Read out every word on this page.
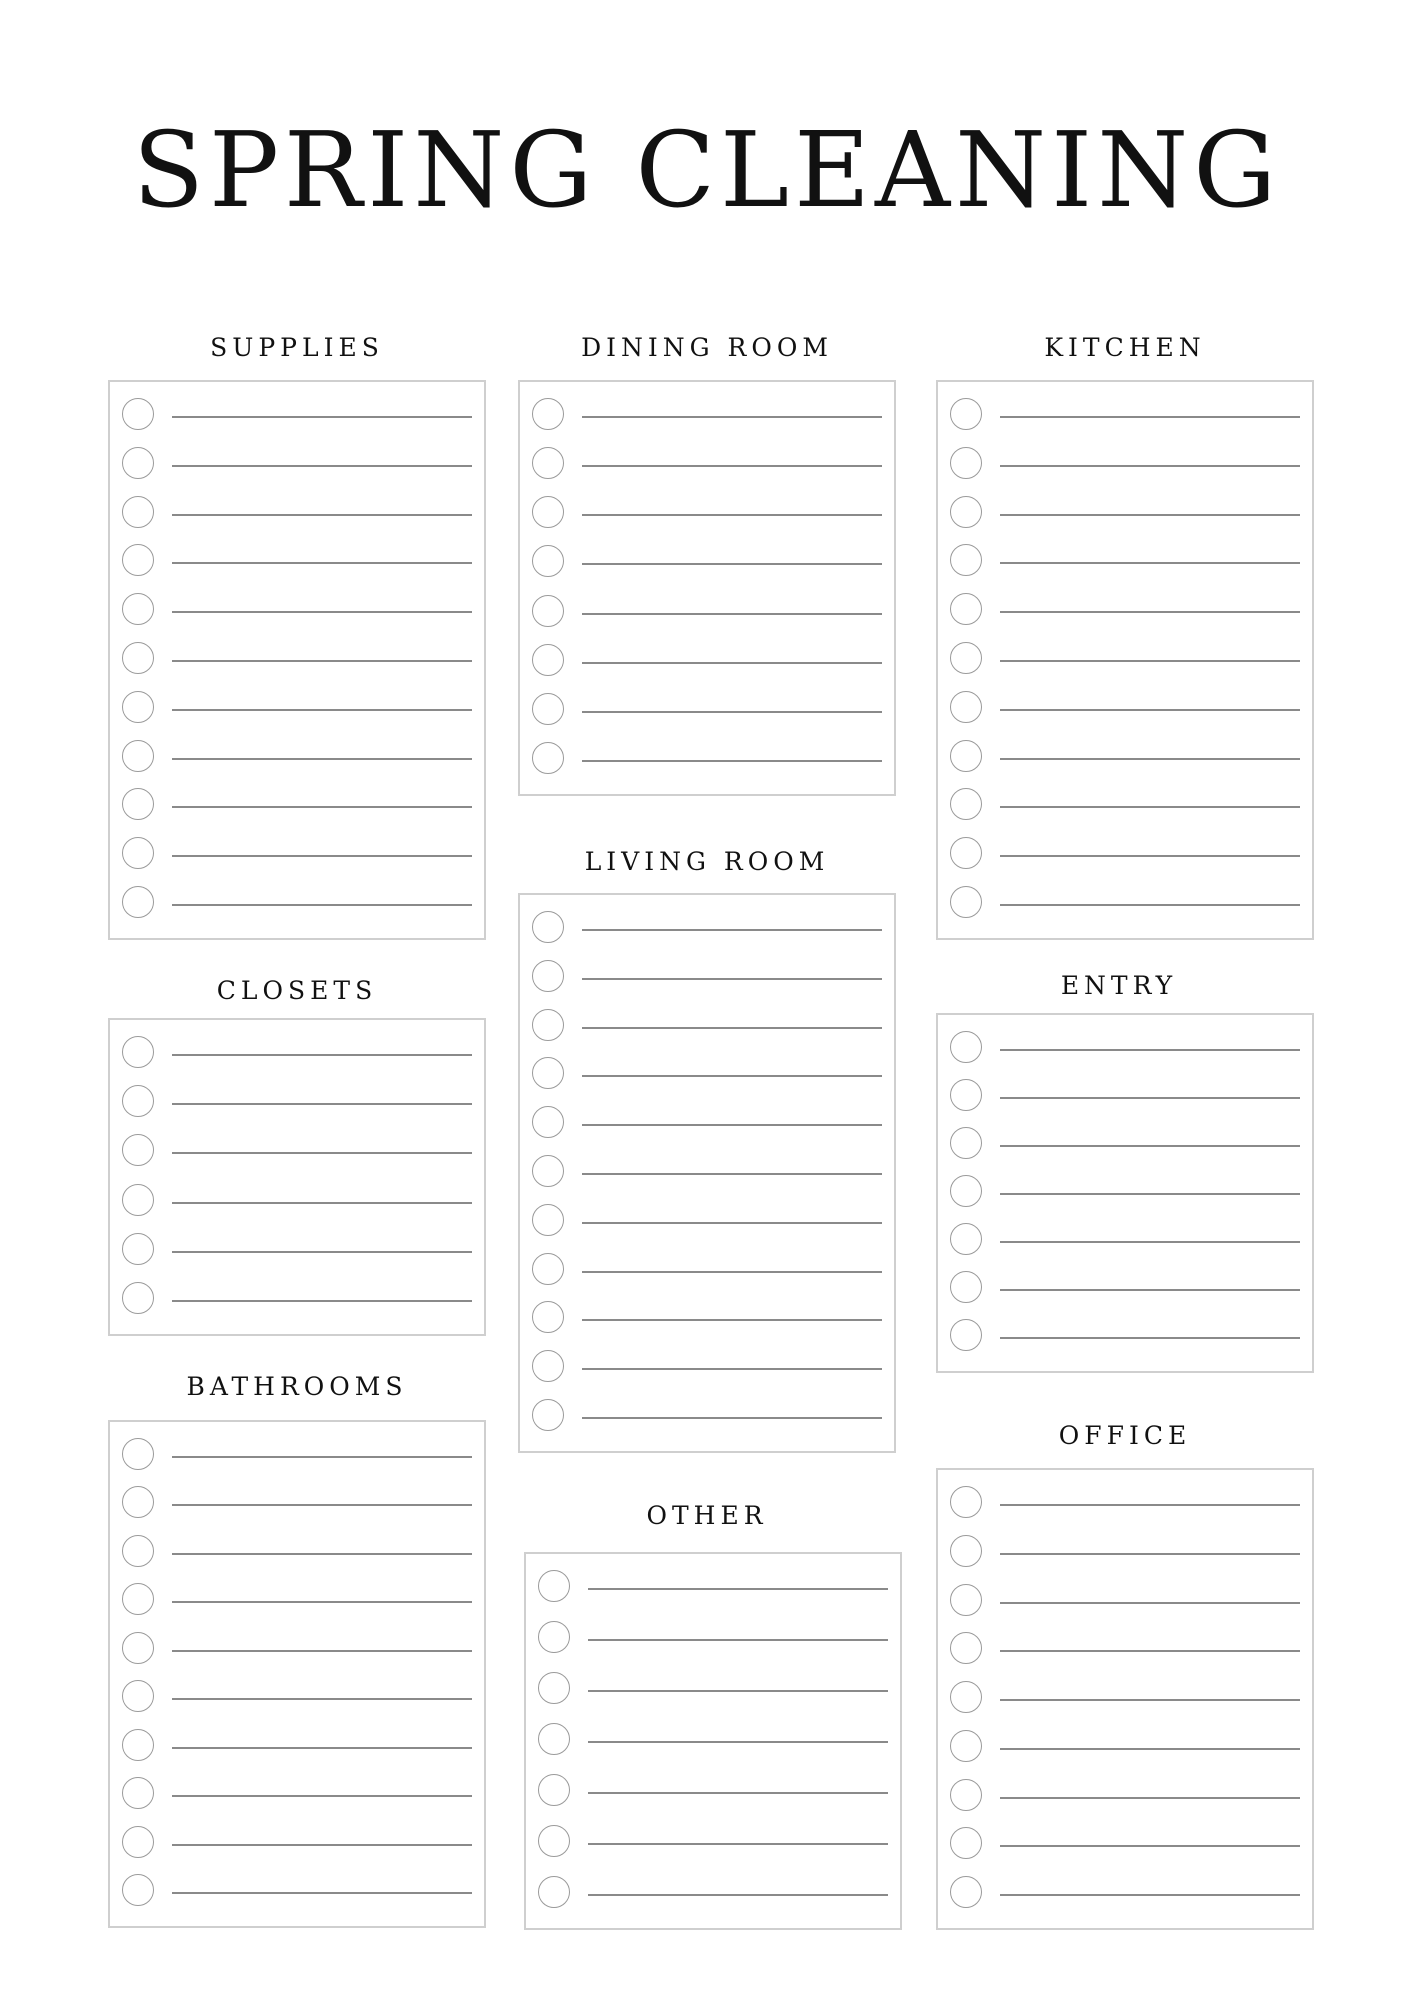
SPRING CLEANING
SUPPLIES
CLOSETS
BATHROOMS
DINING ROOM
LIVING ROOM
OTHER
KITCHEN
ENTRY
OFFICE
